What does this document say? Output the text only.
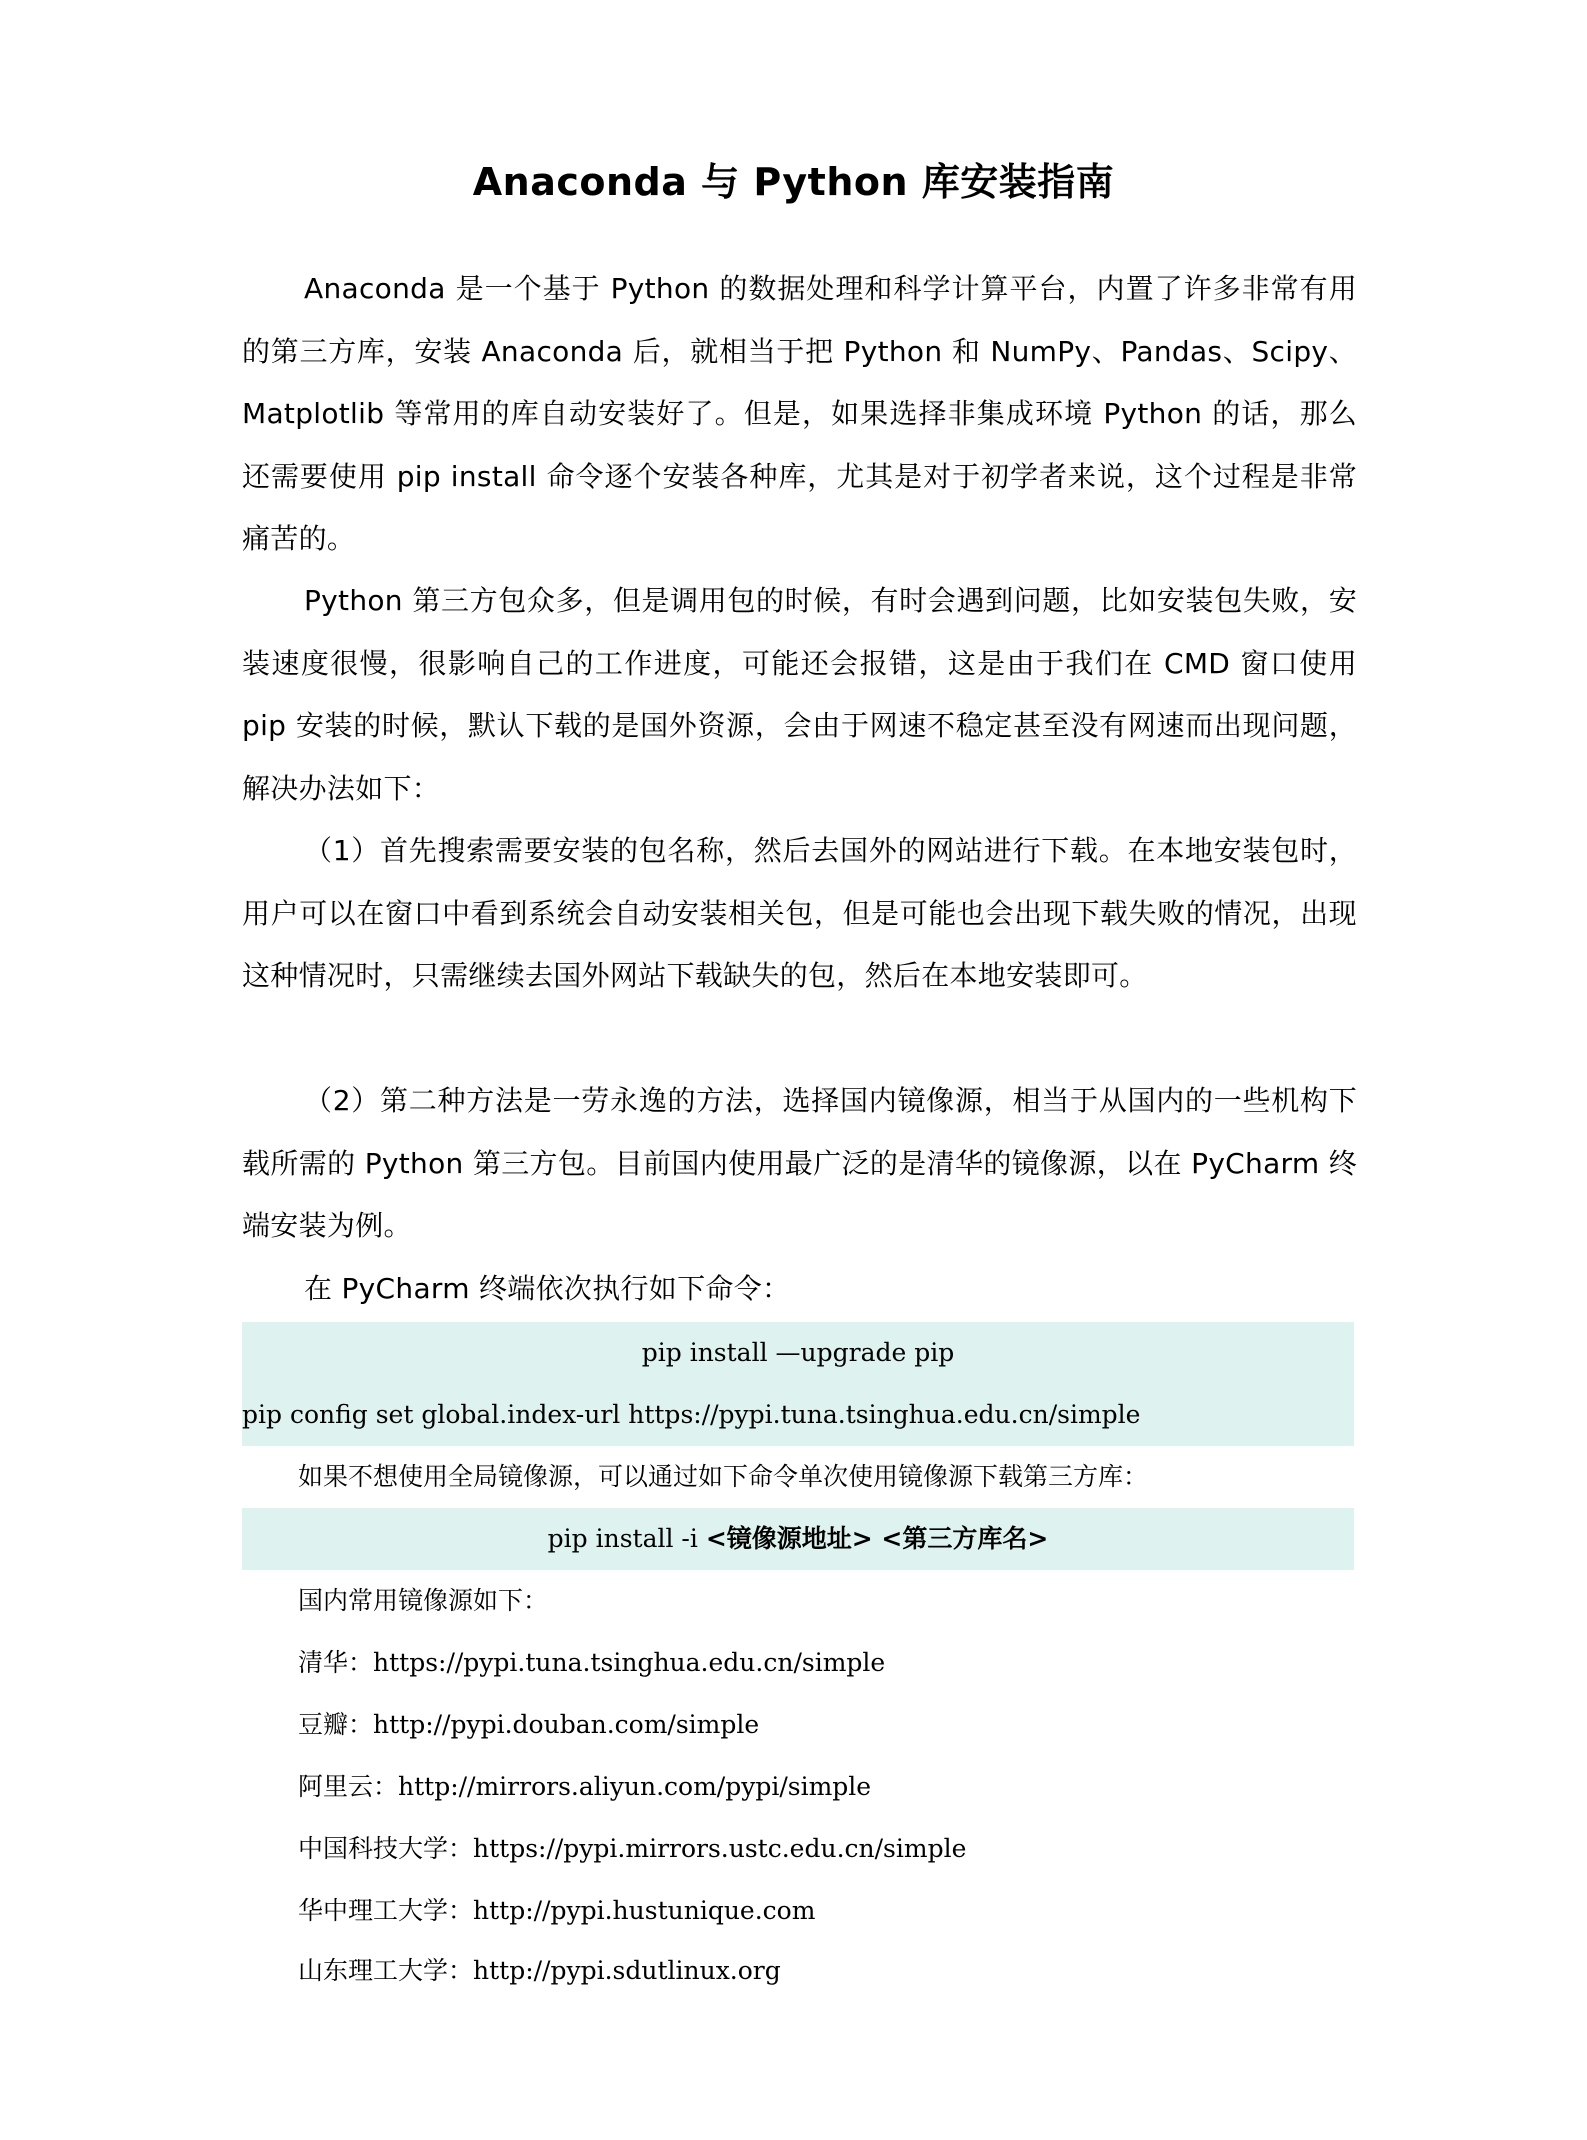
Anaconda 与 Python 库安装指南
Anaconda 是一个基于 Python 的数据处理和科学计算平台，内置了许多非常有用的第三方库，安装 Anaconda 后，就相当于把 Python 和 NumPy、Pandas、Scipy、Matplotlib 等常用的库自动安装好了。但是，如果选择非集成环境 Python 的话，那么还需要使用 pip install 命令逐个安装各种库，尤其是对于初学者来说，这个过程是非常痛苦的。
Python 第三方包众多，但是调用包的时候，有时会遇到问题，比如安装包失败，安装速度很慢，很影响自己的工作进度，可能还会报错，这是由于我们在 CMD 窗口使用 pip 安装的时候，默认下载的是国外资源，会由于网速不稳定甚至没有网速而出现问题，解决办法如下：
（1）首先搜索需要安装的包名称，然后去国外的网站进行下载。在本地安装包时，用户可以在窗口中看到系统会自动安装相关包，但是可能也会出现下载失败的情况，出现这种情况时，只需继续去国外网站下载缺失的包，然后在本地安装即可。
（2）第二种方法是一劳永逸的方法，选择国内镜像源，相当于从国内的一些机构下载所需的 Python 第三方包。目前国内使用最广泛的是清华的镜像源，以在 PyCharm 终端安装为例。
在 PyCharm 终端依次执行如下命令：
pip install —upgrade pip
pip config set global.index-url https://pypi.tuna.tsinghua.edu.cn/simple
如果不想使用全局镜像源，可以通过如下命令单次使用镜像源下载第三方库：
pip install -i <镜像源地址> <第三方库名>
国内常用镜像源如下：
清华：https://pypi.tuna.tsinghua.edu.cn/simple
豆瓣：http://pypi.douban.com/simple
阿里云：http://mirrors.aliyun.com/pypi/simple
中国科技大学：https://pypi.mirrors.ustc.edu.cn/simple
华中理工大学：http://pypi.hustunique.com
山东理工大学：http://pypi.sdutlinux.org
